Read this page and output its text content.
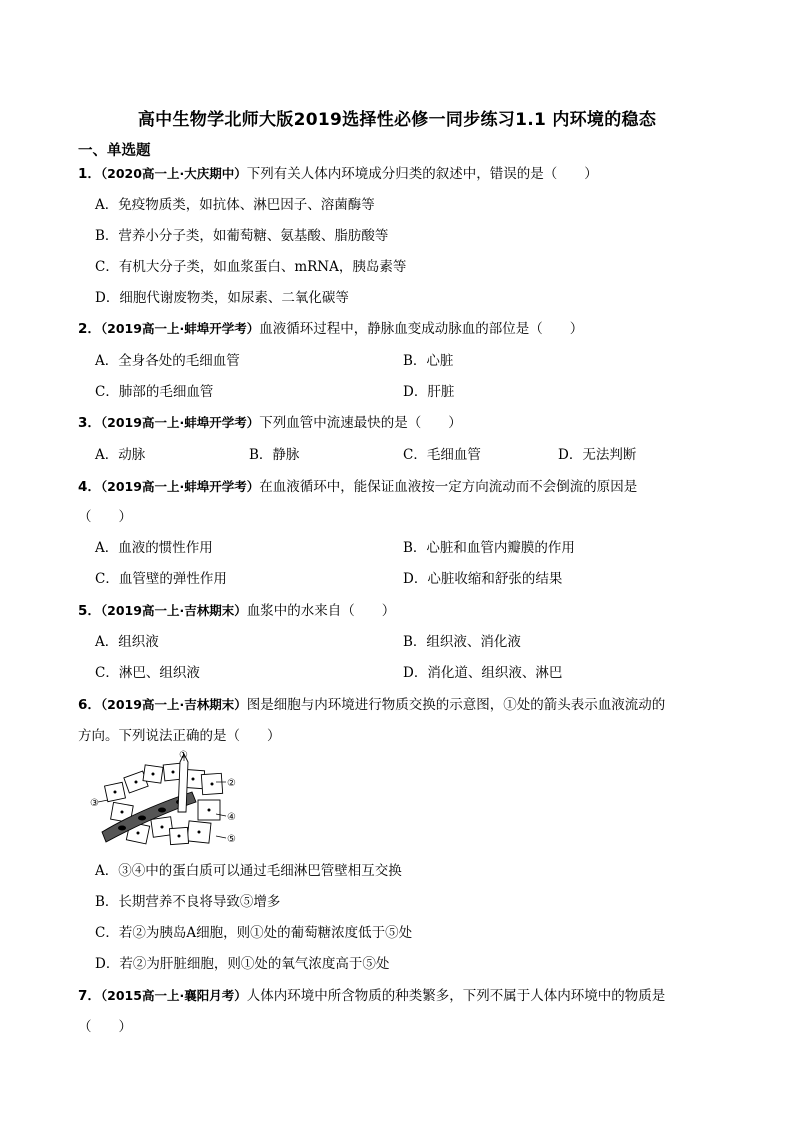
高中生物学北师大版2019选择性必修一同步练习1.1 内环境的稳态
一、单选题
1．（2020高一上·大庆期中）下列有关人体内环境成分归类的叙述中，错误的是（　　）
A．免疫物质类，如抗体、淋巴因子、溶菌酶等
B．营养小分子类，如葡萄糖、氨基酸、脂肪酸等
C．有机大分子类，如血浆蛋白、mRNA，胰岛素等
D．细胞代谢废物类，如尿素、二氧化碳等
2．（2019高一上·蚌埠开学考）血液循环过程中，静脉血变成动脉血的部位是（　　）
A．全身各处的毛细血管	B．心脏
C．肺部的毛细血管	D．肝脏
3．（2019高一上·蚌埠开学考）下列血管中流速最快的是（　　）
A．动脉	B．静脉	C．毛细血管	D．无法判断
4．（2019高一上·蚌埠开学考）在血液循环中，能保证血液按一定方向流动而不会倒流的原因是
（　　）
A．血液的惯性作用	B．心脏和血管内瓣膜的作用
C．血管壁的弹性作用	D．心脏收缩和舒张的结果
5．（2019高一上·吉林期末）血浆中的水来自（　　）
A．组织液	B．组织液、消化液
C．淋巴、组织液	D．消化道、组织液、淋巴
6．（2019高一上·吉林期末）图是细胞与内环境进行物质交换的示意图，①处的箭头表示血液流动的
方向。下列说法正确的是（　　）
①
②
③
④
⑤
A．③④中的蛋白质可以通过毛细淋巴管壁相互交换
B．长期营养不良将导致⑤增多
C．若②为胰岛A细胞，则①处的葡萄糖浓度低于⑤处
D．若②为肝脏细胞，则①处的氧气浓度高于⑤处
7．（2015高一上·襄阳月考）人体内环境中所含物质的种类繁多，下列不属于人体内环境中的物质是
（　　）
